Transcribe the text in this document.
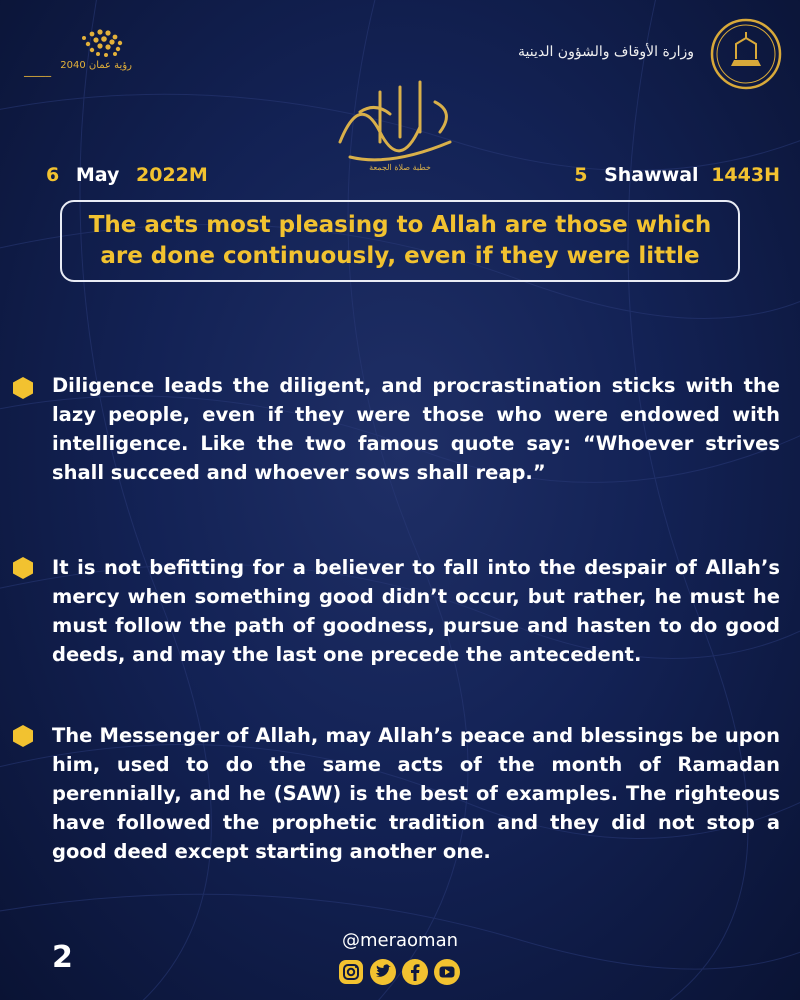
رؤية عمان 2040
━━━━━━━━━
وزارة الأوقاف والشؤون الدينية
خطبة صلاة الجمعة
6 May 2022M	5 Shawwal 1443H
The acts most pleasing to Allah are those which are done continuously, even if they were little
Diligence leads the diligent, and procrastination sticks with the lazy people, even if they were those who were endowed with intelligence. Like the two famous quote say: “Whoever strives shall succeed and whoever sows shall reap.”
It is not befitting for a believer to fall into the despair of Allah’s mercy when something good didn’t occur, but rather, he must he must follow the path of goodness, pursue and hasten to do good deeds, and may the last one precede the antecedent.
The Messenger of Allah, may Allah’s peace and blessings be upon him, used to do the same acts of the month of Ramadan perennially, and he (SAW) is the best of examples. The righteous have followed the prophetic tradition and they did not stop a good deed except starting another one.
2	@meraoman
